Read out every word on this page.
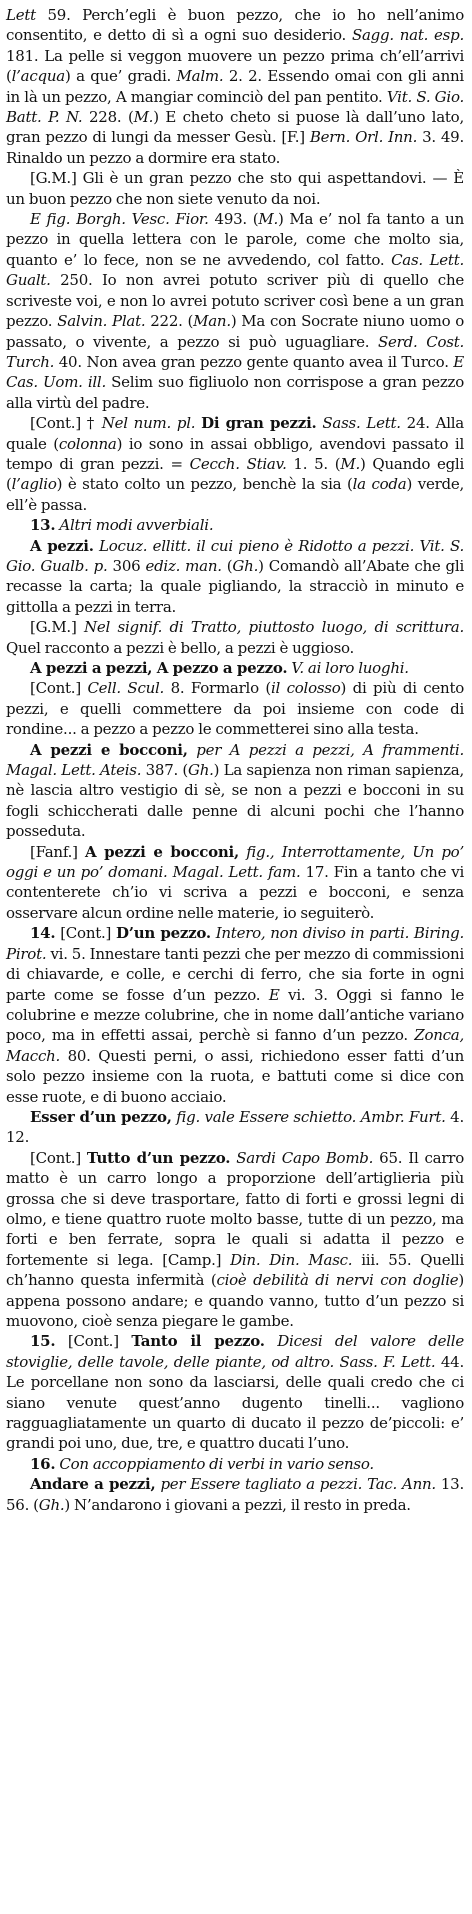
Lett 59. Perch’egli è buon pezzo, che io ho nell’animo consentito, e detto di sì a ogni suo desiderio. Sagg. nat. esp. 181. La pelle si veggon muovere un pezzo prima ch’ell’arrivi (l’acqua) a que’ gradi. Malm. 2. 2. Essendo omai con gli anni in là un pezzo, A mangiar cominciò del pan pentito. Vit. S. Gio. Batt. P. N. 228. (M.) E cheto cheto si puose là dall’uno lato, gran pezzo di lungi da messer Gesù. [F.] Bern. Orl. Inn. 3. 49. Rinaldo un pezzo a dormire era stato.

[G.M.] Gli è un gran pezzo che sto qui aspettandovi. — È un buon pezzo che non siete venuto da noi.

E fig. Borgh. Vesc. Fior. 493. (M.) Ma e’ nol fa tanto a un pezzo in quella lettera con le parole, come che molto sia, quanto e’ lo fece, non se ne avvedendo, col fatto. Cas. Lett. Gualt. 250. Io non avrei potuto scriver più di quello che scriveste voi, e non lo avrei potuto scriver così bene a un gran pezzo. Salvin. Plat. 222. (Man.) Ma con Socrate niuno uomo o passato, o vivente, a pezzo si può uguagliare. Serd. Cost. Turch. 40. Non avea gran pezzo gente quanto avea il Turco. E Cas. Uom. ill. Selim suo figliuolo non corrispose a gran pezzo alla virtù del padre.

[Cont.] † Nel num. pl. Di gran pezzi. Sass. Lett. 24. Alla quale (colonna) io sono in assai obbligo, avendovi passato il tempo di gran pezzi. = Cecch. Stiav. 1. 5. (M.) Quando egli (l’aglio) è stato colto un pezzo, benchè la sia (la coda) verde, ell’è passa.

13. Altri modi avverbiali.

A pezzi. Locuz. ellitt. il cui pieno è Ridotto a pezzi. Vit. S. Gio. Gualb. p. 306 ediz. man. (Gh.) Comandò all’Abate che gli recasse la carta; la quale pigliando, la stracciò in minuto e gittolla a pezzi in terra.

[G.M.] Nel signif. di Tratto, piuttosto luogo, di scrittura. Quel racconto a pezzi è bello, a pezzi è uggioso.

A pezzi a pezzi, A pezzo a pezzo. V. ai loro luoghi.

[Cont.] Cell. Scul. 8. Formarlo (il colosso) di più di cento pezzi, e quelli commettere da poi insieme con code di rondine... a pezzo a pezzo le commetterei sino alla testa.

A pezzi e bocconi, per A pezzi a pezzi, A frammenti. Magal. Lett. Ateis. 387. (Gh.) La sapienza non riman sapienza, nè lascia altro vestigio di sè, se non a pezzi e bocconi in su fogli schiccherati dalle penne di alcuni pochi che l’hanno posseduta.

[Fanf.] A pezzi e bocconi, fig., Interrottamente, Un po’ oggi e un po’ domani. Magal. Lett. fam. 17. Fin a tanto che vi contenterete ch’io vi scriva a pezzi e bocconi, e senza osservare alcun ordine nelle materie, io seguiterò.

14. [Cont.] D’un pezzo. Intero, non diviso in parti. Biring. Pirot. vi. 5. Innestare tanti pezzi che per mezzo di commissioni di chiavarde, e colle, e cerchi di ferro, che sia forte in ogni parte come se fosse d’un pezzo. E vi. 3. Oggi si fanno le colubrine e mezze colubrine, che in nome dall’antiche variano poco, ma in effetti assai, perchè si fanno d’un pezzo. Zonca, Macch. 80. Questi perni, o assi, richiedono esser fatti d’un solo pezzo insieme con la ruota, e battuti come si dice con esse ruote, e di buono acciaio.

Esser d’un pezzo, fig. vale Essere schietto. Ambr. Furt. 4. 12.

[Cont.] Tutto d’un pezzo. Sardi Capo Bomb. 65. Il carro matto è un carro longo a proporzione dell’artiglieria più grossa che si deve trasportare, fatto di forti e grossi legni di olmo, e tiene quattro ruote molto basse, tutte di un pezzo, ma forti e ben ferrate, sopra le quali si adatta il pezzo e fortemente si lega. [Camp.] Din. Din. Masc. iii. 55. Quelli ch’hanno questa infermità (cioè debilità di nervi con doglie) appena possono andare; e quando vanno, tutto d’un pezzo si muovono, cioè senza piegare le gambe.

15. [Cont.] Tanto il pezzo. Dicesi del valore delle stoviglie, delle tavole, delle piante, od altro. Sass. F. Lett. 44. Le porcellane non sono da lasciarsi, delle quali credo che ci siano venute quest’anno dugento tinelli... vagliono ragguagliatamente un quarto di ducato il pezzo de’piccoli: e’ grandi poi uno, due, tre, e quattro ducati l’uno.

16. Con accoppiamento di verbi in vario senso.

Andare a pezzi, per Essere tagliato a pezzi. Tac. Ann. 13. 56. (Gh.) N’andarono i giovani a pezzi, il resto in preda.
